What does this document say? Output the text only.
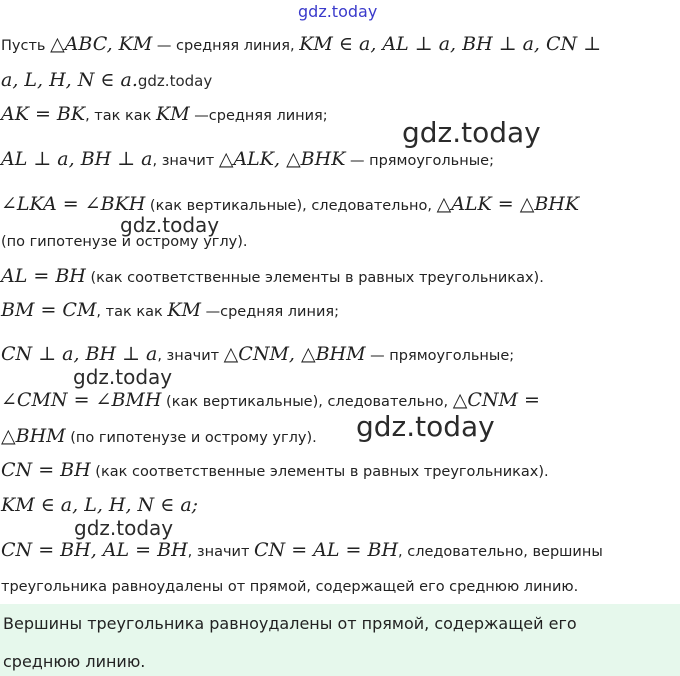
gdz.today
Пусть △ABC, KM — средняя линия, KM ∈ a, AL ⊥ a, BH ⊥ a, CN ⊥
a, L, H, N ∈ a.gdz.today
AK = BK, так как KM —средняя линия;	gdz.today
AL ⊥ a, BH ⊥ a, значит △ALK, △BHK — прямоугольные;
∠LKA = ∠BKH (как вертикальные), следовательно, △ALK = △BHK
gdz.today
(по гипотенузе и острому углу).
AL = BH (как соответственные элементы в равных треугольниках).
BM = CM, так как KM —средняя линия;
CN ⊥ a, BH ⊥ a, значит △CNM, △BHM — прямоугольные;
gdz.today
∠CMN = ∠BMH (как вертикальные), следовательно, △CNM =
△BHM (по гипотенузе и острому углу). gdz.today
CN = BH (как соответственные элементы в равных треугольниках).
KM ∈ a, L, H, N ∈ a;
gdz.today
CN = BH, AL = BH, значит CN = AL = BH, следовательно, вершины
треугольника равноудалены от прямой, содержащей его среднюю линию.
Вершины треугольника равноудалены от прямой, содержащей его
среднюю линию.
